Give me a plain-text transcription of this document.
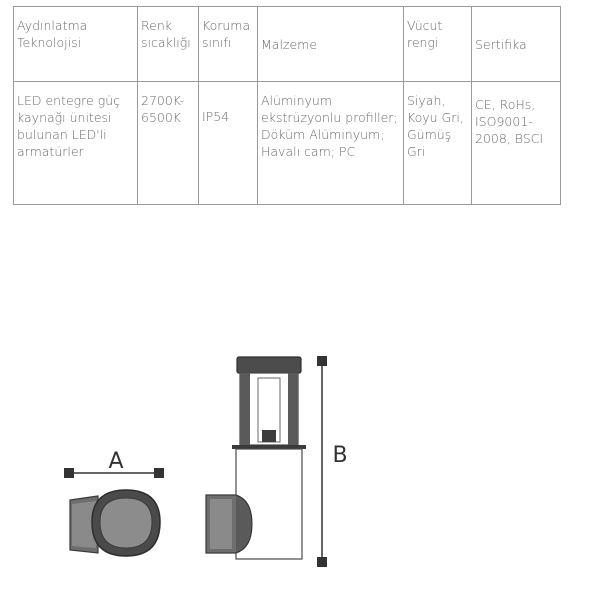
Aydınlatma Teknolojisi	Renk sıcaklığı	Koruma sınıfı	Malzeme	Vücut rengi	Sertifika
LED entegre güç kaynağı ünitesi bulunan LED'li armatürler	2700K-6500K	IP54	Alüminyum ekstrüzyonlu profiller; Döküm Alüminyum; Havalı cam; PC	Siyah, Koyu Gri, Gümüş Gri	CE, RoHs, ISO9001-2008, BSCI
A	B
